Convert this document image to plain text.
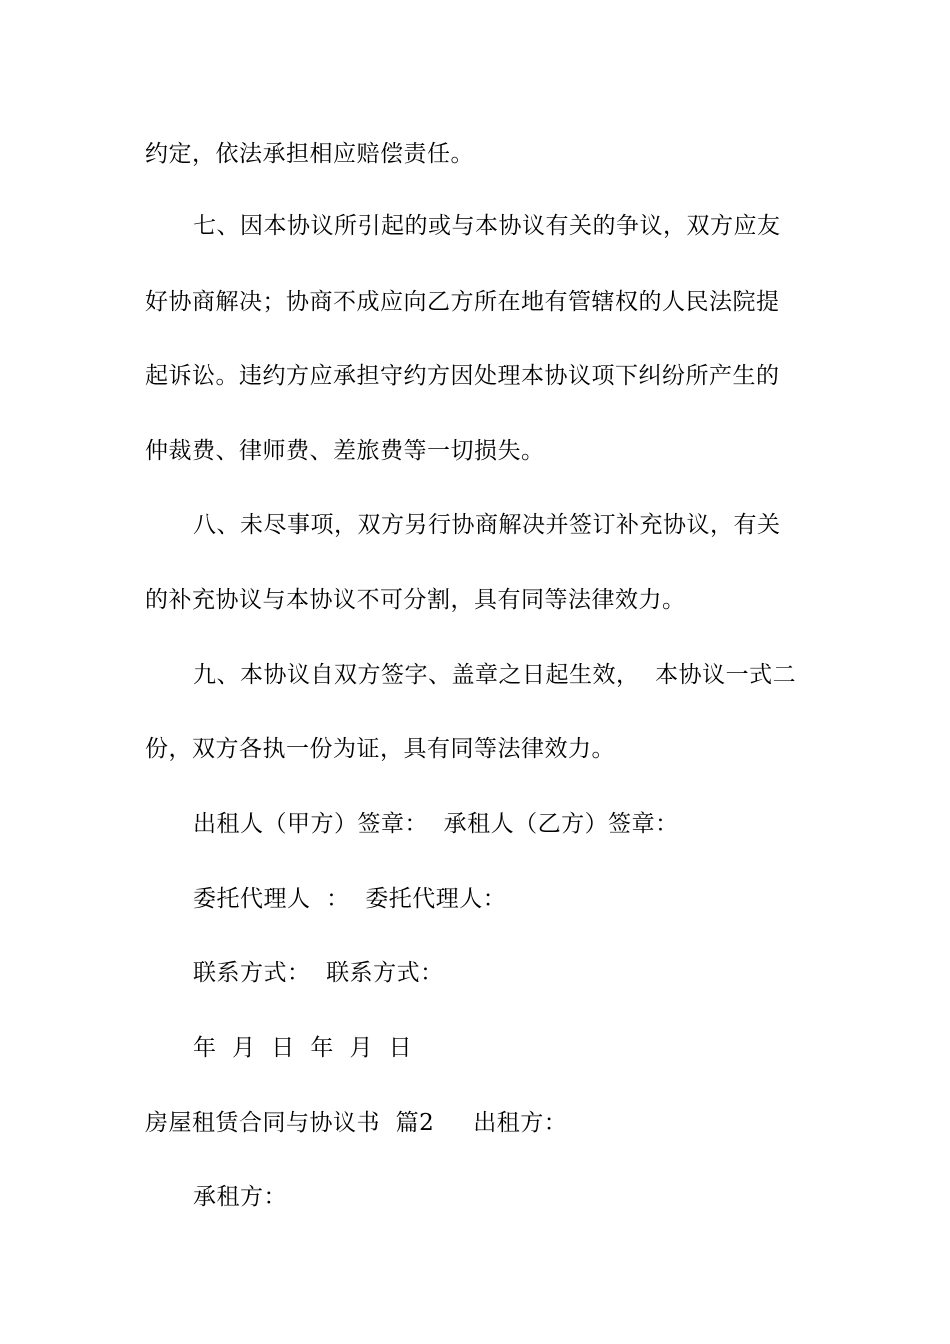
约定，依法承担相应赔偿责任。
七、因本协议所引起的或与本协议有关的争议，双方应友
好协商解决；协商不成应向乙方所在地有管辖权的人民法院提
起诉讼。违约方应承担守约方因处理本协议项下纠纷所产生的
仲裁费、律师费、差旅费等一切损失。
八、未尽事项，双方另行协商解决并签订补充协议，有关
的补充协议与本协议不可分割，具有同等法律效力。
九、本协议自双方签字、盖章之日起生效，  本协议一式二
份，双方各执一份为证，具有同等法律效力。
出租人（甲方）签章：  承租人（乙方）签章：
委托代理人  ：  委托代理人：
联系方式：  联系方式：
年  月  日  年  月  日
房屋租赁合同与协议书  篇2     出租方：
承租方：
